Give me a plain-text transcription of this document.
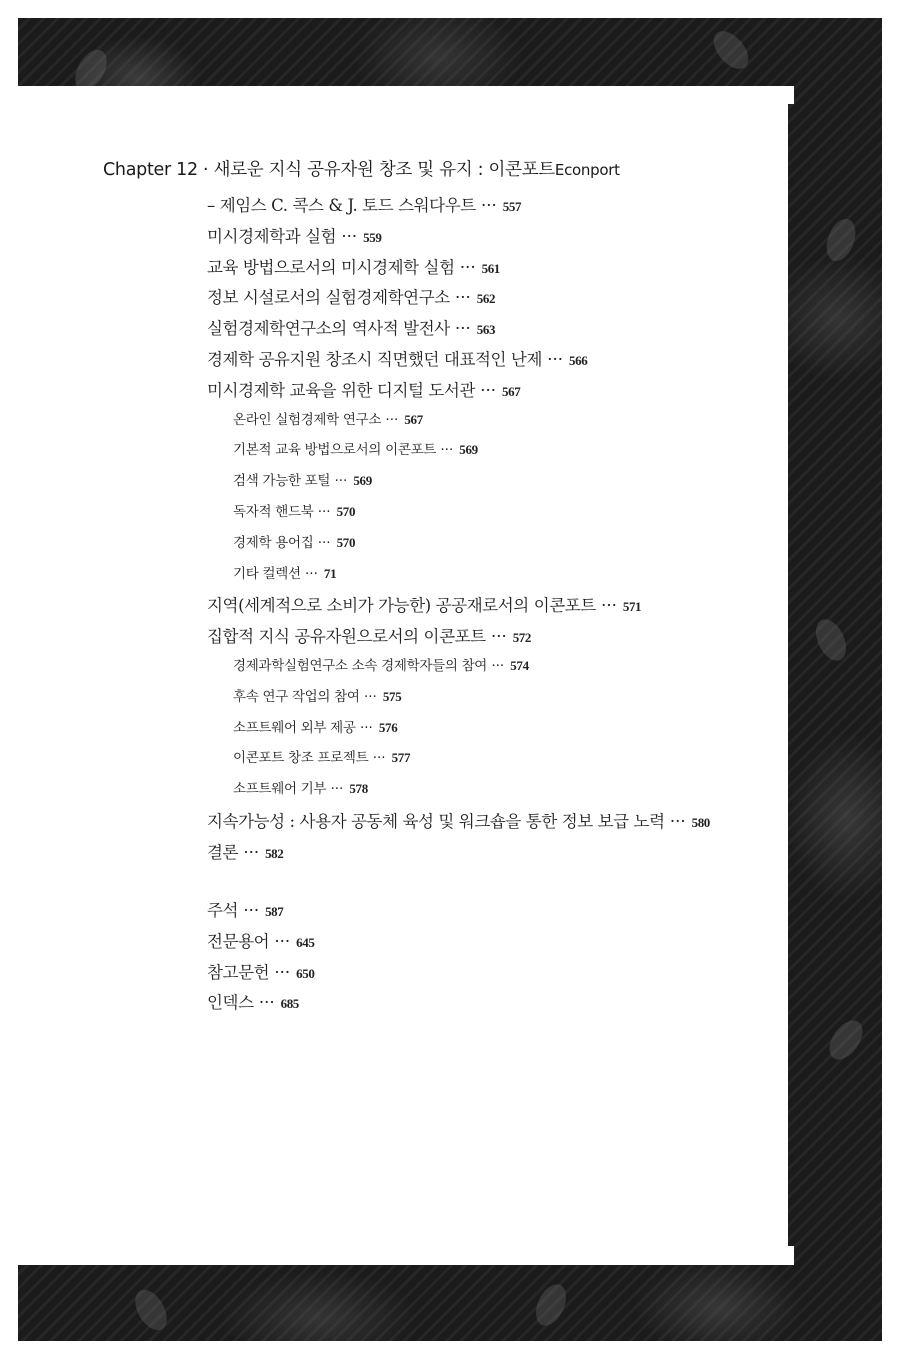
Chapter 12 · 새로운 지식 공유자원 창조 및 유지 : 이콘포트Econport
– 제임스 C. 콕스 & J. 토드 스워다우트 ··· 557
미시경제학과 실험 ··· 559
교육 방법으로서의 미시경제학 실험 ··· 561
정보 시설로서의 실험경제학연구소 ··· 562
실험경제학연구소의 역사적 발전사 ··· 563
경제학 공유지원 창조시 직면했던 대표적인 난제 ··· 566
미시경제학 교육을 위한 디지털 도서관 ··· 567
온라인 실험경제학 연구소 ··· 567
기본적 교육 방법으로서의 이콘포트 ··· 569
검색 가능한 포털 ··· 569
독자적 핸드북 ··· 570
경제학 용어집 ··· 570
기타 컬렉션 ··· 71
지역(세계적으로 소비가 가능한) 공공재로서의 이콘포트 ··· 571
집합적 지식 공유자원으로서의 이콘포트 ··· 572
경제과학실험연구소 소속 경제학자들의 참여 ··· 574
후속 연구 작업의 참여 ··· 575
소프트웨어 외부 제공 ··· 576
이콘포트 창조 프로젝트 ··· 577
소프트웨어 기부 ··· 578
지속가능성 : 사용자 공동체 육성 및 워크숍을 통한 정보 보급 노력 ··· 580
결론 ··· 582
주석 ··· 587
전문용어 ··· 645
참고문헌 ··· 650
인덱스 ··· 685
